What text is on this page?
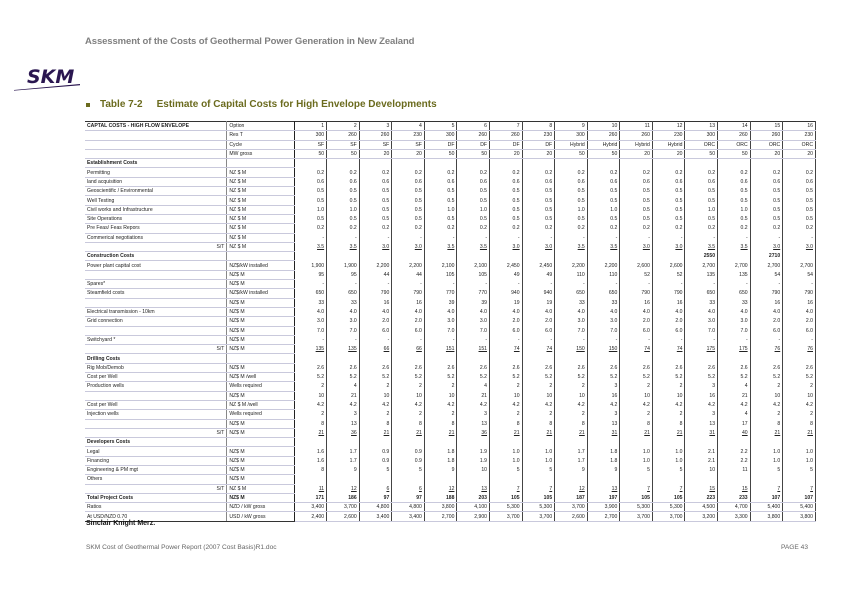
Assessment of the Costs of Geothermal Power Generation in New Zealand
SKM
Table 7-2 Estimate of Capital Costs for High Envelope Developments
CAPTAL COSTS - HIGH FLOW ENVELOPE	Option	1	2	3	4	5	6	7	8	9	10	11	12	13	14	15	16
	Res T	300	260	260	230	300	260	260	230	300	260	260	230	300	260	260	230
	Cycle	SF	SF	SF	SF	DF	DF	DF	DF	Hybrid	Hybrid	Hybrid	Hybrid	ORC	ORC	ORC	ORC
	MW gross	50	50	20	20	50	50	20	20	50	50	20	20	50	50	20	20
Establishment Costs																	
Permitting	NZ $ M	0.2	0.2	0.2	0.2	0.2	0.2	0.2	0.2	0.2	0.2	0.2	0.2	0.2	0.2	0.2	0.2
land acquisition	NZ $ M	0.6	0.6	0.6	0.6	0.6	0.6	0.6	0.6	0.6	0.6	0.6	0.6	0.6	0.6	0.6	0.6
Geoscientific / Environmental	NZ $ M	0.5	0.5	0.5	0.5	0.5	0.5	0.5	0.5	0.5	0.5	0.5	0.5	0.5	0.5	0.5	0.5
Well Testing	NZ $ M	0.5	0.5	0.5	0.5	0.5	0.5	0.5	0.5	0.5	0.5	0.5	0.5	0.5	0.5	0.5	0.5
Civil works and Infrastructure	NZ $ M	1.0	1.0	0.5	0.5	1.0	1.0	0.5	0.5	1.0	1.0	0.5	0.5	1.0	1.0	0.5	0.5
Site Operations	NZ $ M	0.5	0.5	0.5	0.5	0.5	0.5	0.5	0.5	0.5	0.5	0.5	0.5	0.5	0.5	0.5	0.5
Pre Feas/ Feas Repors	NZ $ M	0.2	0.2	0.2	0.2	0.2	0.2	0.2	0.2	0.2	0.2	0.2	0.2	0.2	0.2	0.2	0.2
Commerical negotiations	NZ $ M	-	-	-	-	-	-	-	-	-	-	-	-	-	-	-	-
S/T	NZ $ M	3.5	3.5	3.0	3.0	3.5	3.5	3.0	3.0	3.5	3.5	3.0	3.0	3.5	3.5	3.0	3.0
Construction Costs														2550		2710	
Power plant capital cost	NZ$/kW installed	1,900	1,900	2,200	2,200	2,100	2,100	2,450	2,450	2,200	2,200	2,600	2,600	2,700	2,700	2,700	2,700
	NZ$ M	95	95	44	44	105	105	49	49	110	110	52	52	135	135	54	54
Spares*	NZ$ M	-	-	-	-	-	-	-	-	-	-	-	-	-	-	-	-
Steamfield costs	NZ$/kW installed	650	650	790	790	770	770	940	940	650	650	790	790	650	650	790	790
	NZ$ M	33	33	16	16	39	39	19	19	33	33	16	16	33	33	16	16
Electrical transmission - 10km	NZ$ M	4.0	4.0	4.0	4.0	4.0	4.0	4.0	4.0	4.0	4.0	4.0	4.0	4.0	4.0	4.0	4.0
Grid connection	NZ$ M	3.0	3.0	2.0	2.0	3.0	3.0	2.0	2.0	3.0	3.0	2.0	2.0	3.0	3.0	2.0	2.0
	NZ$ M	7.0	7.0	6.0	6.0	7.0	7.0	6.0	6.0	7.0	7.0	6.0	6.0	7.0	7.0	6.0	6.0
Switchyard *	NZ$ M	-	-	-	-	-	-	-	-	-	-	-	-	-	-	-	-
S/T	NZ$ M	135	135	66	66	151	151	74	74	150	150	74	74	175	175	76	76
Drilling Costs																	
Rig Mob/Demob	NZ$ M	2.6	2.6	2.6	2.6	2.6	2.6	2.6	2.6	2.6	2.6	2.6	2.6	2.6	2.6	2.6	2.6
Cost per Well	NZ$ M /well	5.2	5.2	5.2	5.2	5.2	5.2	5.2	5.2	5.2	5.2	5.2	5.2	5.2	5.2	5.2	5.2
Production wells	Wells required	2	4	2	2	2	4	2	2	2	3	2	2	3	4	2	2
	NZ$ M	10	21	10	10	10	21	10	10	10	16	10	10	16	21	10	10
Cost per Well	NZ $ M /well	4.2	4.2	4.2	4.2	4.2	4.2	4.2	4.2	4.2	4.2	4.2	4.2	4.2	4.2	4.2	4.2
Injection wells	Wells required	2	3	2	2	2	3	2	2	2	3	2	2	3	4	2	2
	NZ$ M	8	13	8	8	8	13	8	8	8	13	8	8	13	17	8	8
S/T	NZ$ M	21	36	21	21	21	36	21	21	21	31	21	21	31	40	21	21
Developers Costs																	
Legal	NZ$ M	1.6	1.7	0.9	0.9	1.8	1.9	1.0	1.0	1.7	1.8	1.0	1.0	2.1	2.2	1.0	1.0
Financing	NZ$ M	1.6	1.7	0.9	0.9	1.8	1.9	1.0	1.0	1.7	1.8	1.0	1.0	2.1	2.2	1.0	1.0
Engineering & PM mgt	NZ$ M	8	9	5	5	9	10	5	5	9	9	5	5	10	11	5	5
Others	NZ$ M																
S/T	NZ $ M	11	12	6	6	12	13	7	7	12	13	7	7	15	15	7	7
Total Project Costs	NZ$ M	171	186	97	97	188	203	105	105	187	197	105	105	223	233	107	107
Ratios	NZD / kW gross	3,400	3,700	4,800	4,800	3,800	4,100	5,300	5,300	3,700	3,900	5,300	5,300	4,500	4,700	5,400	5,400
At USD/NZD 0.70	USD / kW gross	2,400	2,600	3,400	3,400	2,700	2,900	3,700	3,700	2,600	2,700	3,700	3,700	3,200	3,300	3,800	3,800
Sinclair Knight Merz.
SKM Cost of Geothermal Power Report (2007 Cost Basis)R1.doc	PAGE 43
